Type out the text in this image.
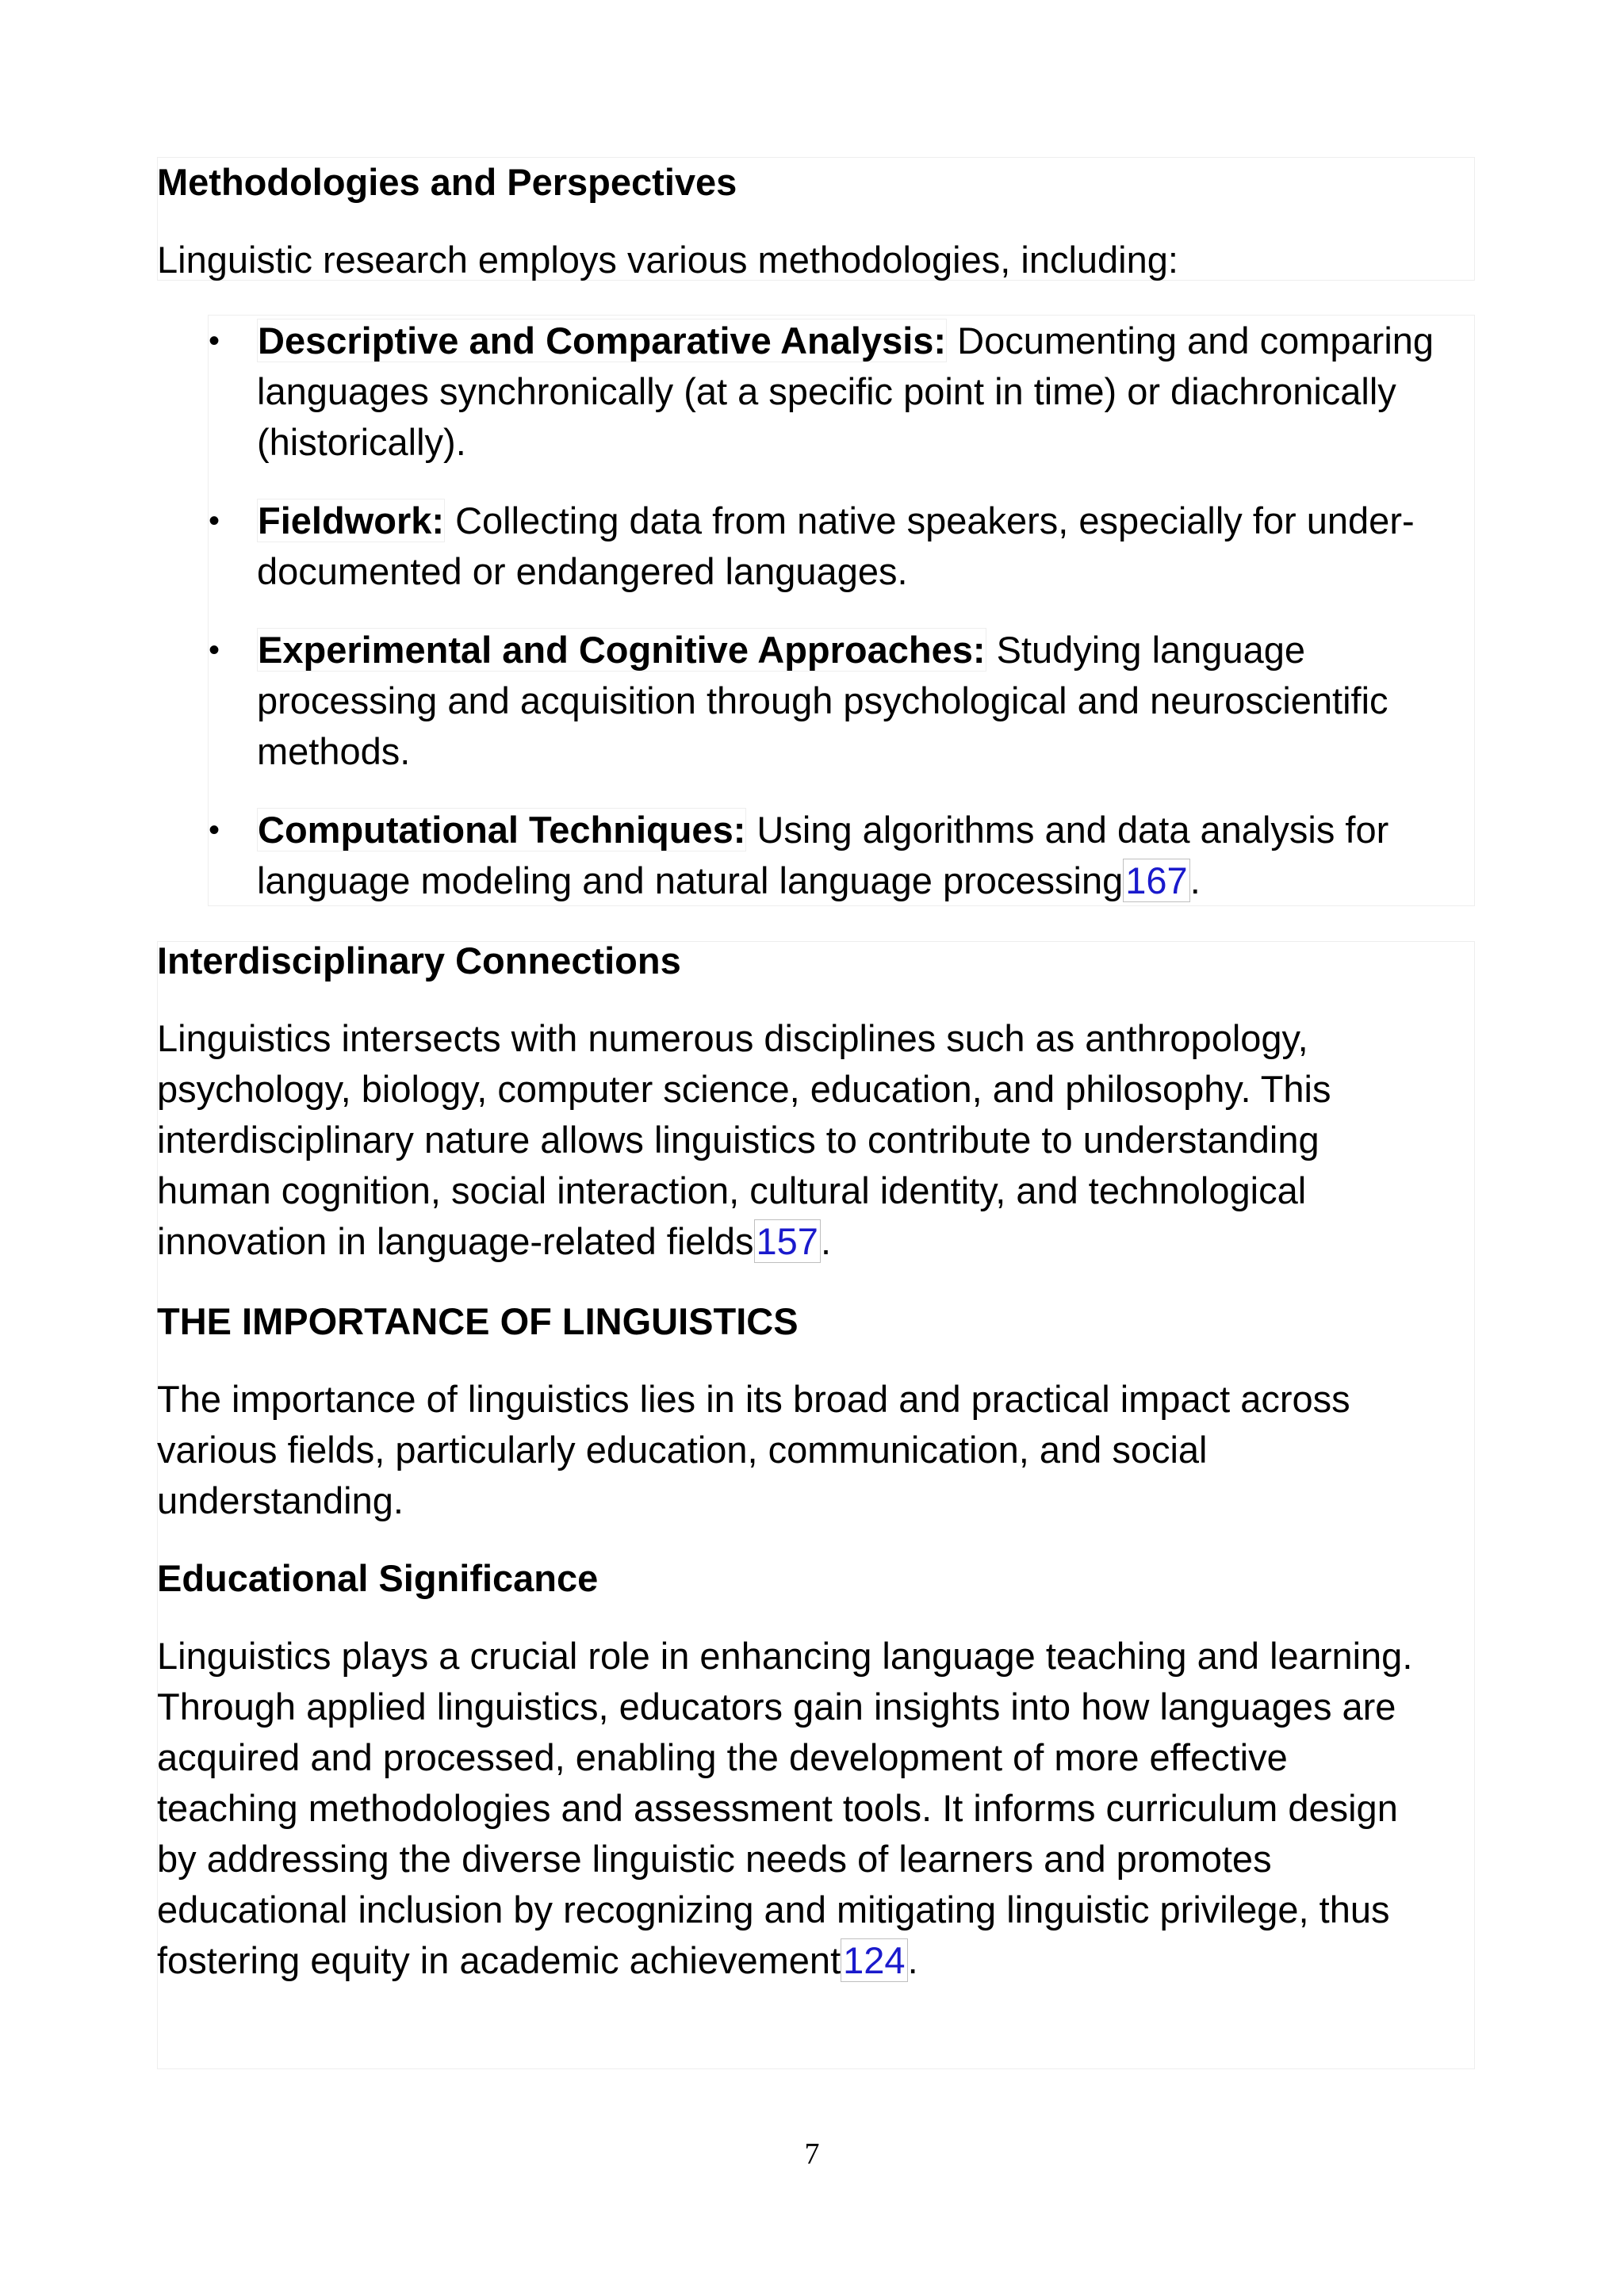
Methodologies and Perspectives
Linguistic research employs various methodologies, including:
• Descriptive and Comparative Analysis: Documenting and comparing languages synchronically (at a specific point in time) or diachronically (historically).
• Fieldwork: Collecting data from native speakers, especially for under-documented or endangered languages.
• Experimental and Cognitive Approaches: Studying language processing and acquisition through psychological and neuroscientific methods.
• Computational Techniques: Using algorithms and data analysis for language modeling and natural language processing167.
Interdisciplinary Connections
Linguistics intersects with numerous disciplines such as anthropology,
psychology, biology, computer science, education, and philosophy. This
interdisciplinary nature allows linguistics to contribute to understanding
human cognition, social interaction, cultural identity, and technological
innovation in language-related fields157.
THE IMPORTANCE OF LINGUISTICS
The importance of linguistics lies in its broad and practical impact across
various fields, particularly education, communication, and social
understanding.
Educational Significance
Linguistics plays a crucial role in enhancing language teaching and learning.
Through applied linguistics, educators gain insights into how languages are
acquired and processed, enabling the development of more effective
teaching methodologies and assessment tools. It informs curriculum design
by addressing the diverse linguistic needs of learners and promotes
educational inclusion by recognizing and mitigating linguistic privilege, thus
fostering equity in academic achievement124.
7
